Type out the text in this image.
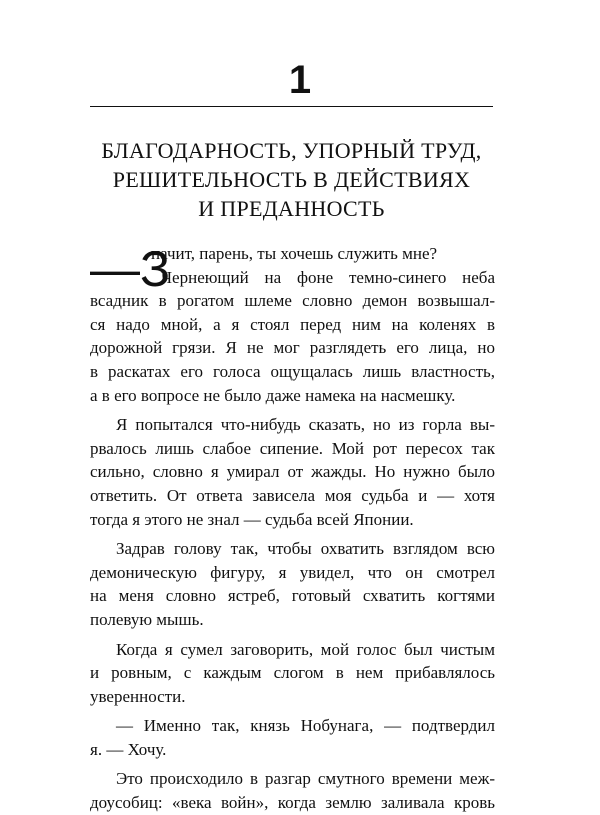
1
БЛАГОДАРНОСТЬ, УПОРНЫЙ ТРУД,
РЕШИТЕЛЬНОСТЬ В ДЕЙСТВИЯХ
И ПРЕДАННОСТЬ
—З
начит, парень, ты хочешь служить мне?
Чернеющий на фоне темно-синего неба
всадник в рогатом шлеме словно демон возвышал-
ся надо мной, а я стоял перед ним на коленях в
дорожной грязи. Я не мог разглядеть его лица, но
в раскатах его голоса ощущалась лишь властность,
а в его вопросе не было даже намека на насмешку.
Я попытался что-нибудь сказать, но из горла вы-
рвалось лишь слабое сипение. Мой рот пересох так
сильно, словно я умирал от жажды. Но нужно было
ответить. От ответа зависела моя судьба и — хотя
тогда я этого не знал — судьба всей Японии.
Задрав голову так, чтобы охватить взглядом всю
демоническую фигуру, я увидел, что он смотрел
на меня словно ястреб, готовый схватить когтями
полевую мышь.
Когда я сумел заговорить, мой голос был чистым
и ровным, с каждым слогом в нем прибавлялось
уверенности.
— Именно так, князь Нобунага, — подтвердил
я. — Хочу.
Это происходило в разгар смутного времени меж-
доусобиц: «века войн», когда землю заливала кровь
